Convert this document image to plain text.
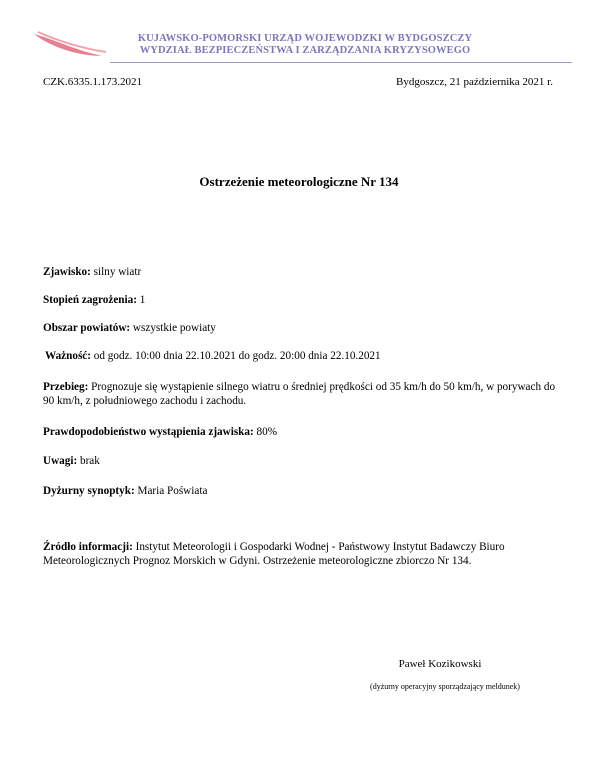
KUJAWSKO-POMORSKI URZĄD WOJEWODZKI W BYDGOSZCZY
WYDZIAŁ BEZPIECZEŃSTWA I ZARZĄDZANIA KRYZYSOWEGO
CZK.6335.1.173.2021	Bydgoszcz, 21 października 2021 r.
Ostrzeżenie meteorologiczne Nr 134
Zjawisko: silny wiatr
Stopień zagrożenia: 1
Obszar powiatów: wszystkie powiaty
Ważność: od godz. 10:00 dnia 22.10.2021 do godz. 20:00 dnia 22.10.2021
Przebieg: Prognozuje się wystąpienie silnego wiatru o średniej prędkości od 35 km/h do 50 km/h, w porywach do 90 km/h, z południowego zachodu i zachodu.
Prawdopodobieństwo wystąpienia zjawiska: 80%
Uwagi: brak
Dyżurny synoptyk: Maria Poświata
Źródło informacji: Instytut Meteorologii i Gospodarki Wodnej - Państwowy Instytut Badawczy Biuro Meteorologicznych Prognoz Morskich w Gdyni. Ostrzeżenie meteorologiczne zbiorczo Nr 134.
Paweł Kozikowski
(dyżurny operacyjny sporządzający meldunek)
